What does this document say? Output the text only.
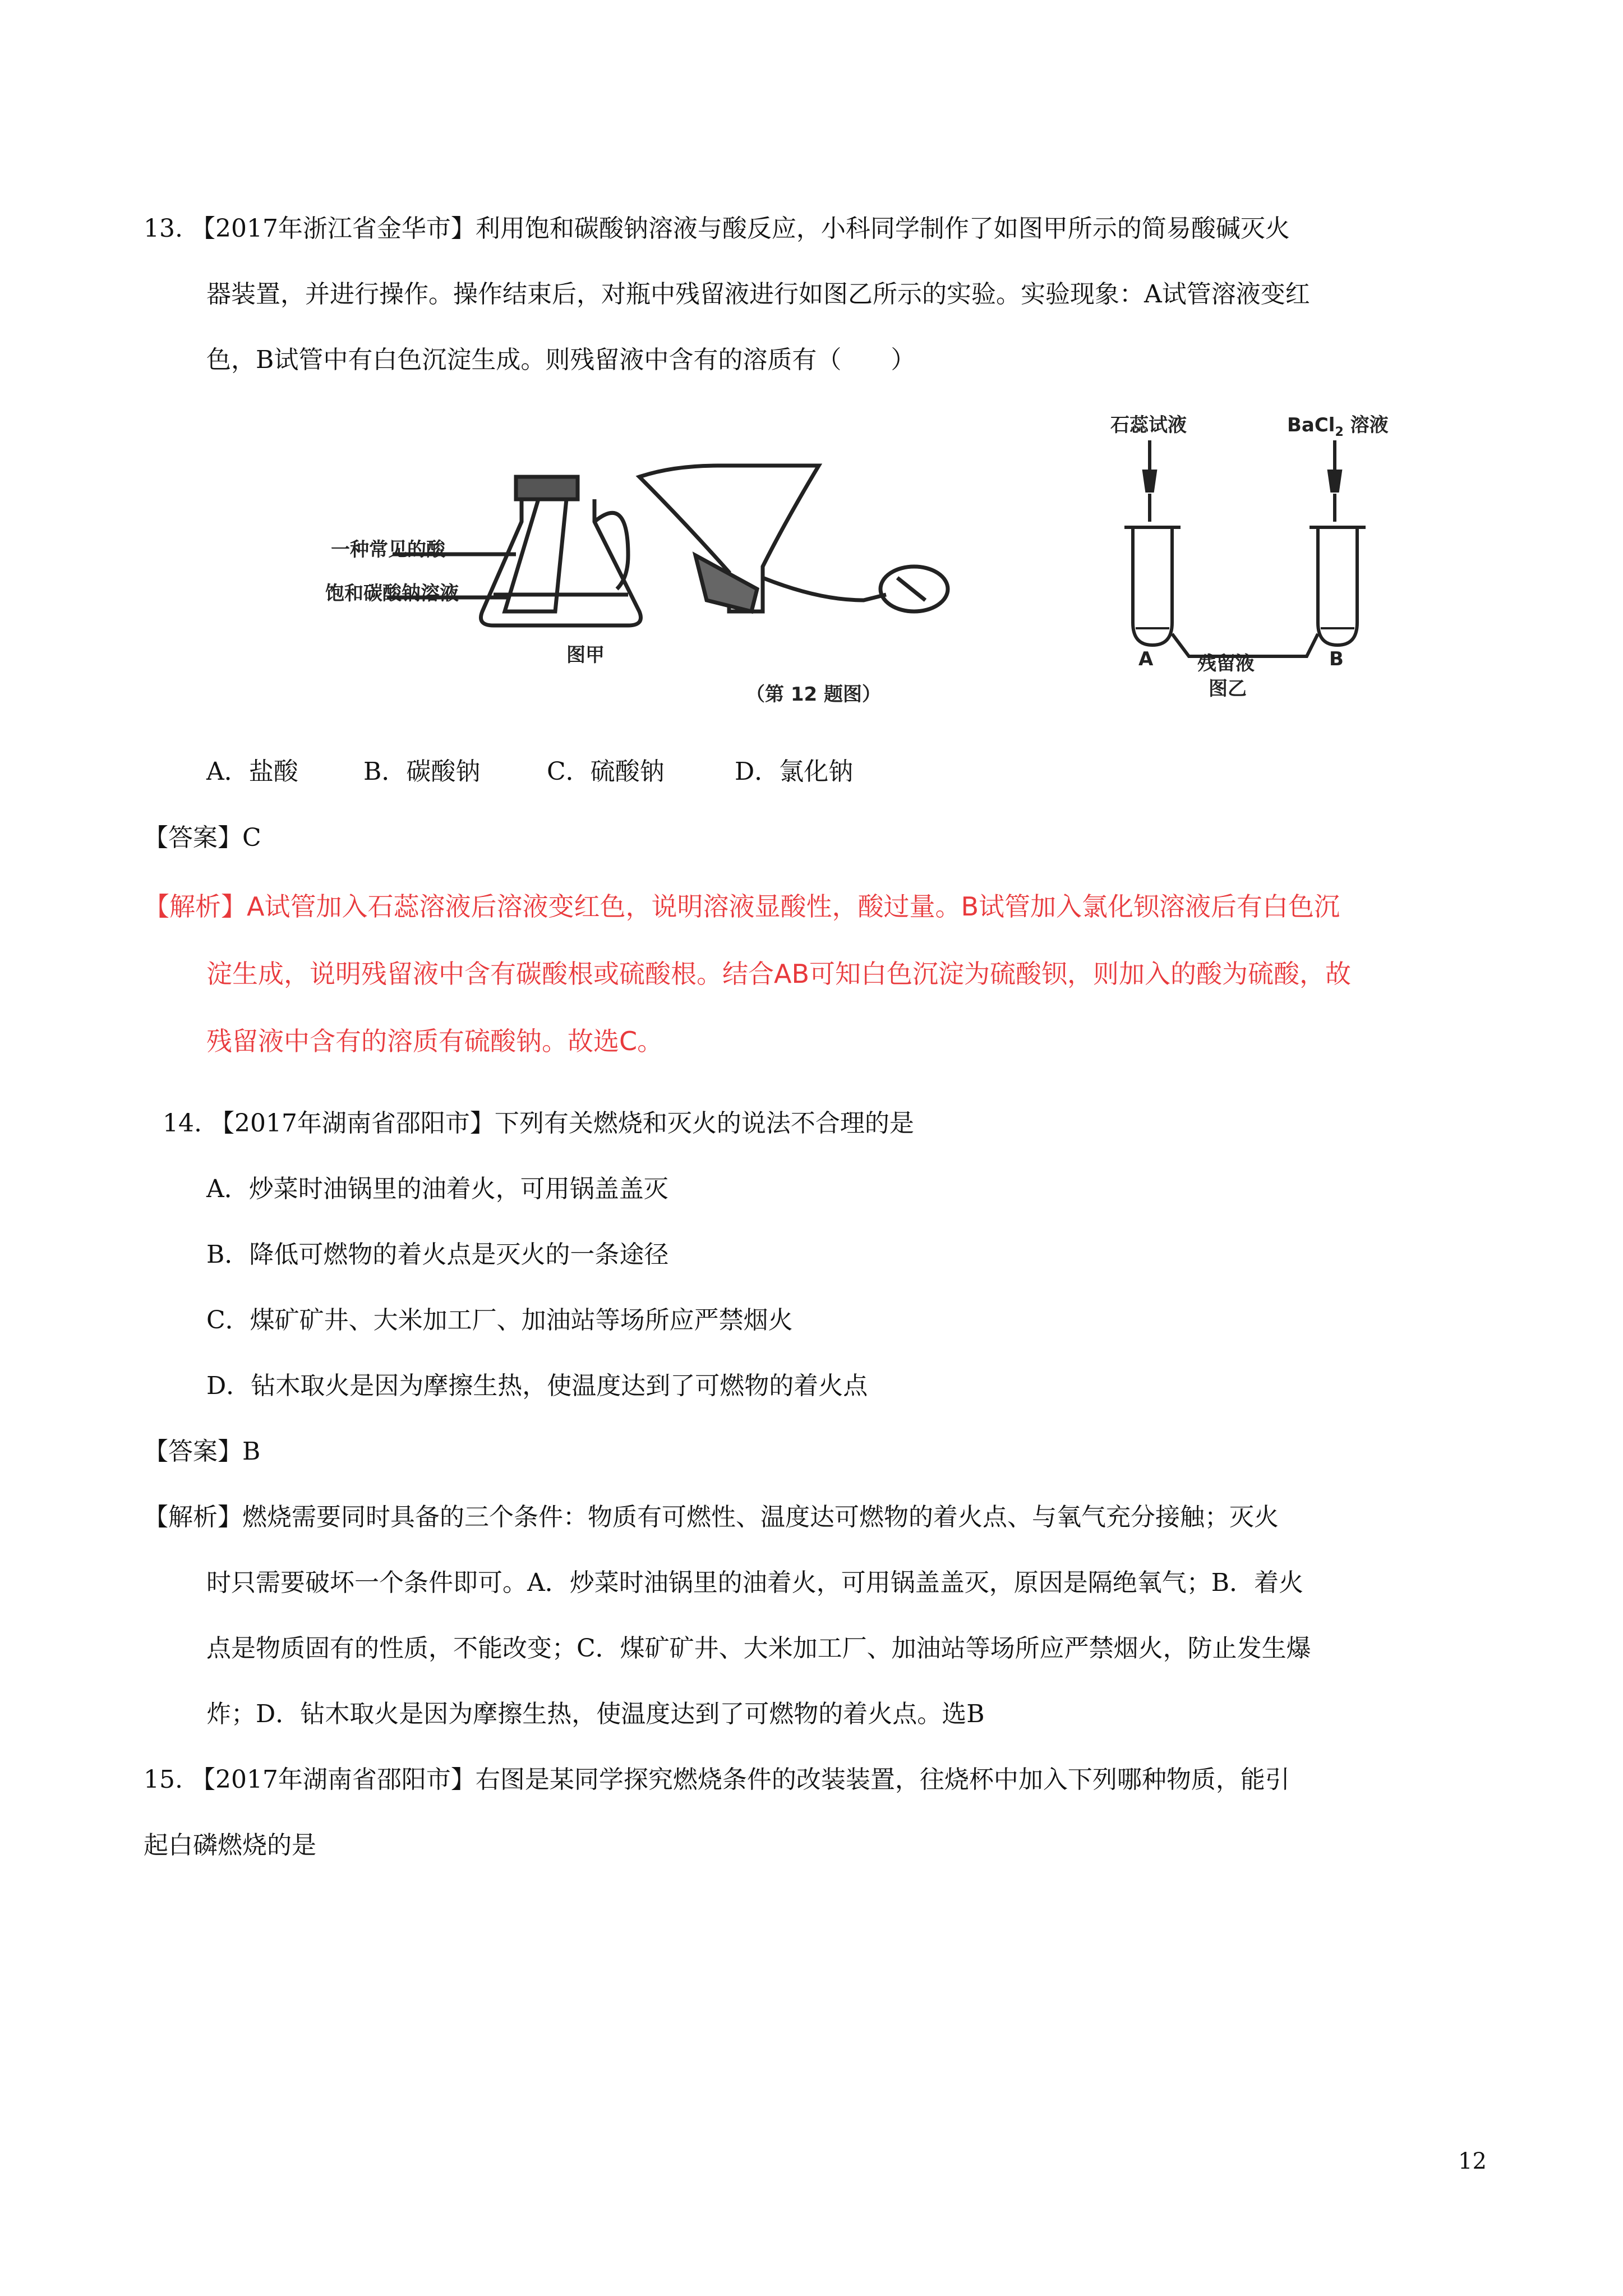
13. 【2017年浙江省金华市】利用饱和碳酸钠溶液与酸反应，小科同学制作了如图甲所示的简易酸碱灭火
器装置，并进行操作。操作结束后，对瓶中残留液进行如图乙所示的实验。实验现象：A试管溶液变红
色，B试管中有白色沉淀生成。则残留液中含有的溶质有（　　）
一种常见的酸
饱和碳酸钠溶液
图甲
（第 12 题图）
石蕊试液	BaCl$_2$ 溶液
A 残留液	B
图乙
A．盐酸	B．碳酸钠	C．硫酸钠	D．氯化钠
【答案】C
【解析】A试管加入石蕊溶液后溶液变红色，说明溶液显酸性，酸过量。B试管加入氯化钡溶液后有白色沉
淀生成，说明残留液中含有碳酸根或硫酸根。结合AB可知白色沉淀为硫酸钡，则加入的酸为硫酸，故
残留液中含有的溶质有硫酸钠。故选C。
14. 【2017年湖南省邵阳市】下列有关燃烧和灭火的说法不合理的是
A．炒菜时油锅里的油着火，可用锅盖盖灭
B．降低可燃物的着火点是灭火的一条途径
C．煤矿矿井、大米加工厂、加油站等场所应严禁烟火
D．钻木取火是因为摩擦生热，使温度达到了可燃物的着火点
【答案】B
【解析】燃烧需要同时具备的三个条件：物质有可燃性、温度达可燃物的着火点、与氧气充分接触；灭火
时只需要破坏一个条件即可。A．炒菜时油锅里的油着火，可用锅盖盖灭，原因是隔绝氧气；B．着火
点是物质固有的性质，不能改变；C．煤矿矿井、大米加工厂、加油站等场所应严禁烟火，防止发生爆
炸；D．钻木取火是因为摩擦生热，使温度达到了可燃物的着火点。选B
15. 【2017年湖南省邵阳市】右图是某同学探究燃烧条件的改装装置，往烧杯中加入下列哪种物质，能引
起白磷燃烧的是
12
